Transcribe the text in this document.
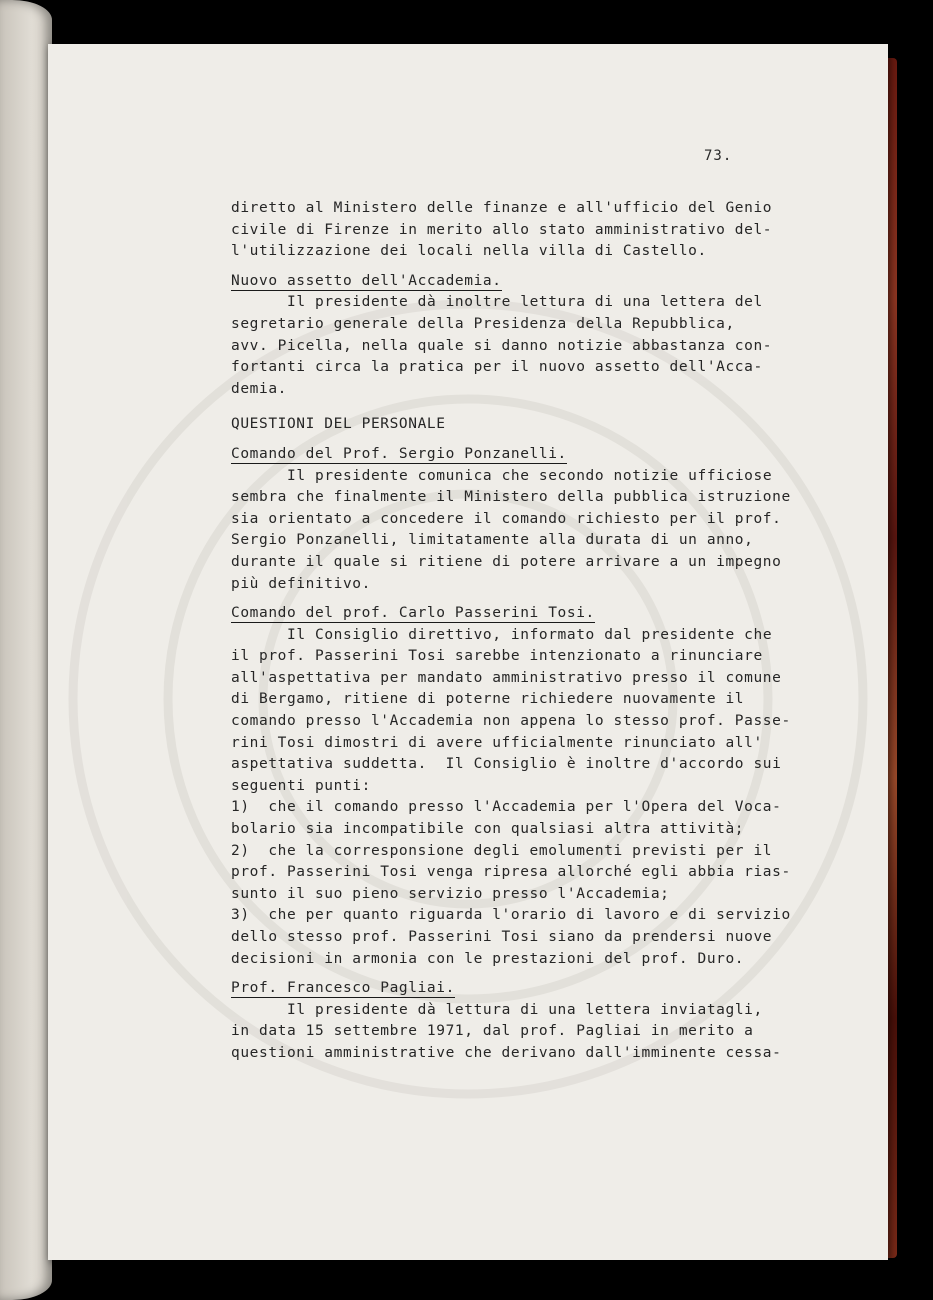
73.
diretto al Ministero delle finanze e all'ufficio del Genio
civile di Firenze in merito allo stato amministrativo del-
l'utilizzazione dei locali nella villa di Castello.
Nuovo assetto dell'Accademia.
Il presidente dà inoltre lettura di una lettera del
segretario generale della Presidenza della Repubblica,
avv. Picella, nella quale si danno notizie abbastanza con-
fortanti circa la pratica per il nuovo assetto dell'Acca-
demia.
QUESTIONI DEL PERSONALE
Comando del Prof. Sergio Ponzanelli.
Il presidente comunica che secondo notizie ufficiose
sembra che finalmente il Ministero della pubblica istruzione
sia orientato a concedere il comando richiesto per il prof.
Sergio Ponzanelli, limitatamente alla durata di un anno,
durante il quale si ritiene di potere arrivare a un impegno
più definitivo.
Comando del prof. Carlo Passerini Tosi.
Il Consiglio direttivo, informato dal presidente che
il prof. Passerini Tosi sarebbe intenzionato a rinunciare
all'aspettativa per mandato amministrativo presso il comune
di Bergamo, ritiene di poterne richiedere nuovamente il
comando presso l'Accademia non appena lo stesso prof. Passe-
rini Tosi dimostri di avere ufficialmente rinunciato all'
aspettativa suddetta.  Il Consiglio è inoltre d'accordo sui
seguenti punti:
1)  che il comando presso l'Accademia per l'Opera del Voca-
bolario sia incompatibile con qualsiasi altra attività;
2)  che la corresponsione degli emolumenti previsti per il
prof. Passerini Tosi venga ripresa allorché egli abbia rias-
sunto il suo pieno servizio presso l'Accademia;
3)  che per quanto riguarda l'orario di lavoro e di servizio
dello stesso prof. Passerini Tosi siano da prendersi nuove
decisioni in armonia con le prestazioni del prof. Duro.
Prof. Francesco Pagliai.
Il presidente dà lettura di una lettera inviatagli,
in data 15 settembre 1971, dal prof. Pagliai in merito a
questioni amministrative che derivano dall'imminente cessa-
